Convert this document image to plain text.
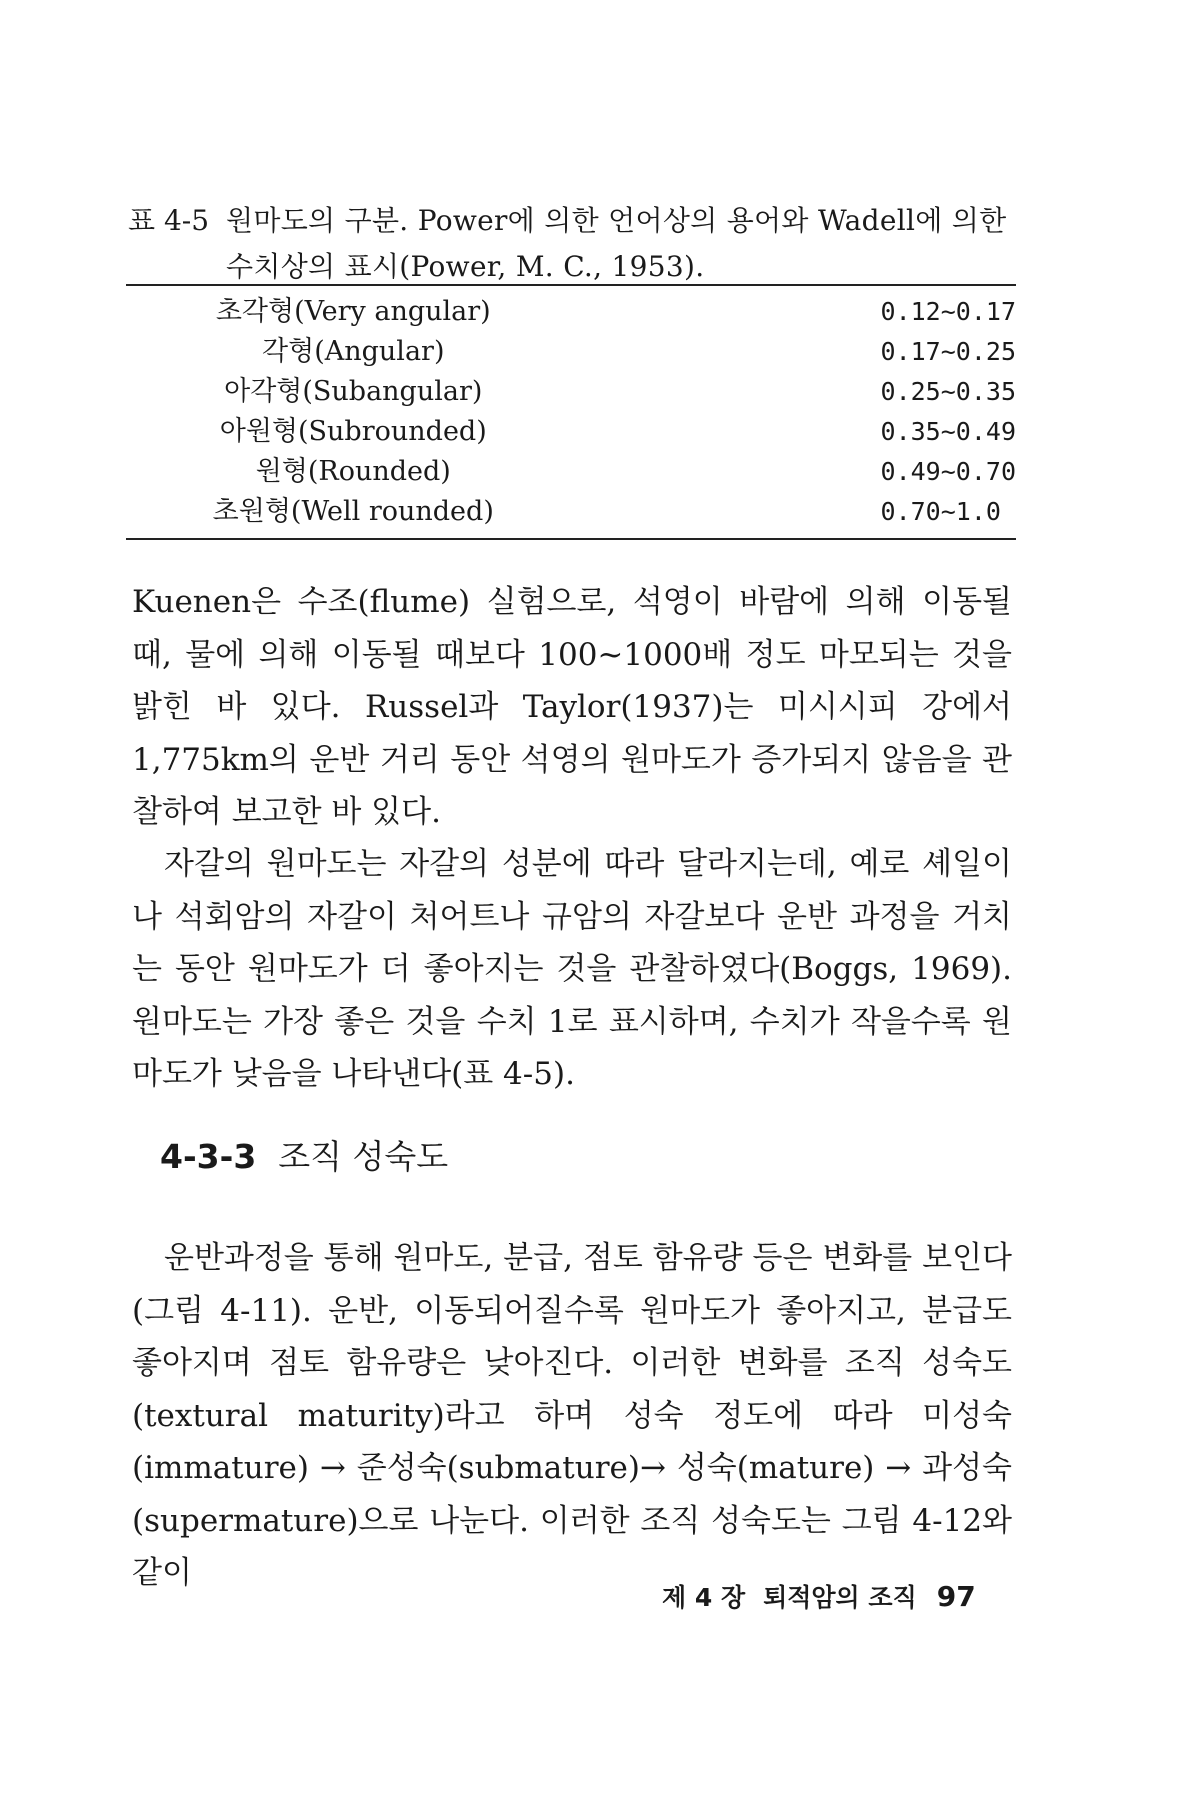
표 4-5 원마도의 구분. Power에 의한 언어상의 용어와 Wadell에 의한 수치상의 표시(Power, M. C., 1953).
초각형(Very angular)	0.12~0.17
각형(Angular)	0.17~0.25
아각형(Subangular)	0.25~0.35
아원형(Subrounded)	0.35~0.49
원형(Rounded)	0.49~0.70
초원형(Well rounded)	0.70~1.0
Kuenen은 수조(flume) 실험으로, 석영이 바람에 의해 이동될 때, 물에 의해 이동될 때보다 100~1000배 정도 마모되는 것을 밝힌 바 있다. Russel과 Taylor(1937)는 미시시피 강에서 1,775km의 운반 거리 동안 석영의 원마도가 증가되지 않음을 관찰하여 보고한 바 있다.
자갈의 원마도는 자갈의 성분에 따라 달라지는데, 예로 셰일이나 석회암의 자갈이 처어트나 규암의 자갈보다 운반 과정을 거치는 동안 원마도가 더 좋아지는 것을 관찰하였다(Boggs, 1969). 원마도는 가장 좋은 것을 수치 1로 표시하며, 수치가 작을수록 원마도가 낮음을 나타낸다(표 4-5).
4-3-3 조직 성숙도
운반과정을 통해 원마도, 분급, 점토 함유량 등은 변화를 보인다(그림 4-11). 운반, 이동되어질수록 원마도가 좋아지고, 분급도 좋아지며 점토 함유량은 낮아진다. 이러한 변화를 조직 성숙도(textural maturity)라고 하며 성숙 정도에 따라 미성숙(immature) → 준성숙(submature)→ 성숙(mature) → 과성숙(supermature)으로 나눈다. 이러한 조직 성숙도는 그림 4-12와 같이
제 4 장 퇴적암의 조직 97
